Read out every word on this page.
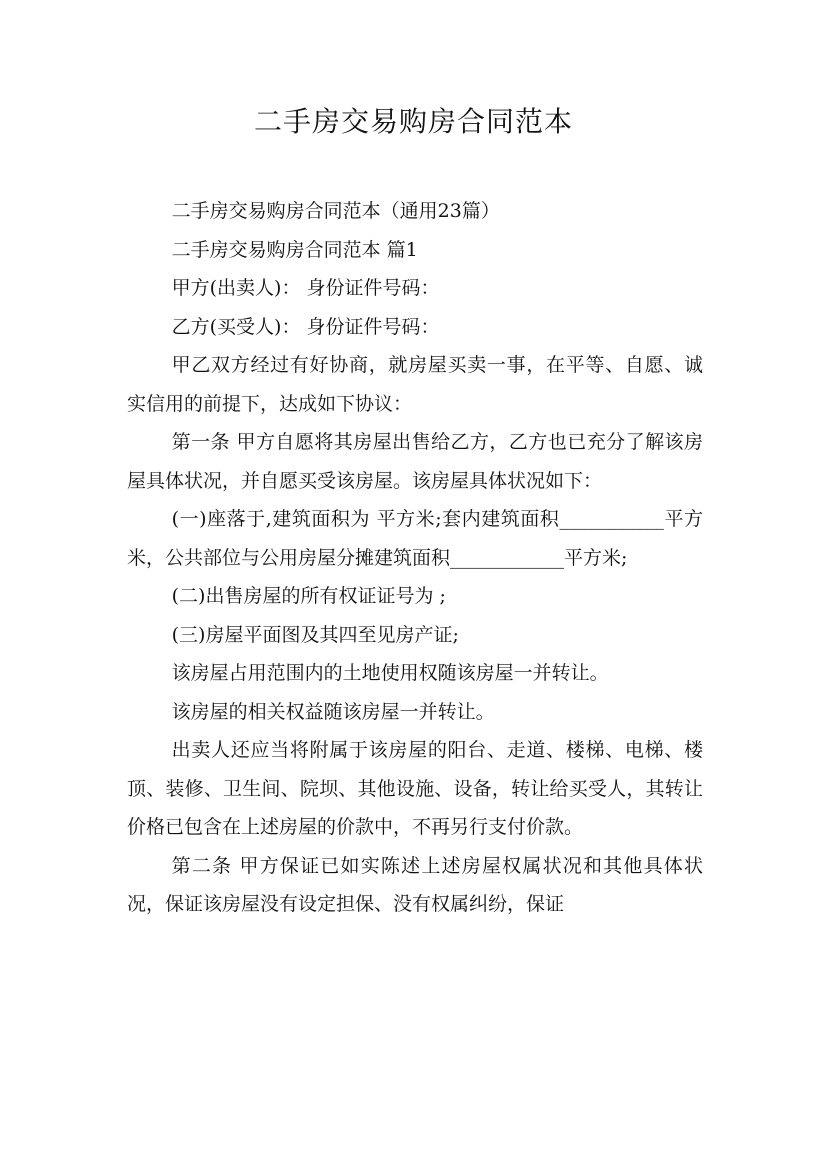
二手房交易购房合同范本

二手房交易购房合同范本（通用23篇）

二手房交易购房合同范本 篇1

甲方(出卖人)： 身份证件号码：

乙方(买受人)： 身份证件号码：

甲乙双方经过有好协商，就房屋买卖一事，在平等、自愿、诚实信用的前提下，达成如下协议：

第一条 甲方自愿将其房屋出售给乙方，乙方也已充分了解该房屋具体状况，并自愿买受该房屋。该房屋具体状况如下：

(一)座落于,建筑面积为 平方米;套内建筑面积___________平方米，公共部位与公用房屋分摊建筑面积____________平方米;

(二)出售房屋的所有权证证号为 ;

(三)房屋平面图及其四至见房产证;

该房屋占用范围内的土地使用权随该房屋一并转让。

该房屋的相关权益随该房屋一并转让。

出卖人还应当将附属于该房屋的阳台、走道、楼梯、电梯、楼顶、装修、卫生间、院坝、其他设施、设备，转让给买受人，其转让价格已包含在上述房屋的价款中，不再另行支付价款。

第二条 甲方保证已如实陈述上述房屋权属状况和其他具体状况，保证该房屋没有设定担保、没有权属纠纷，保证
